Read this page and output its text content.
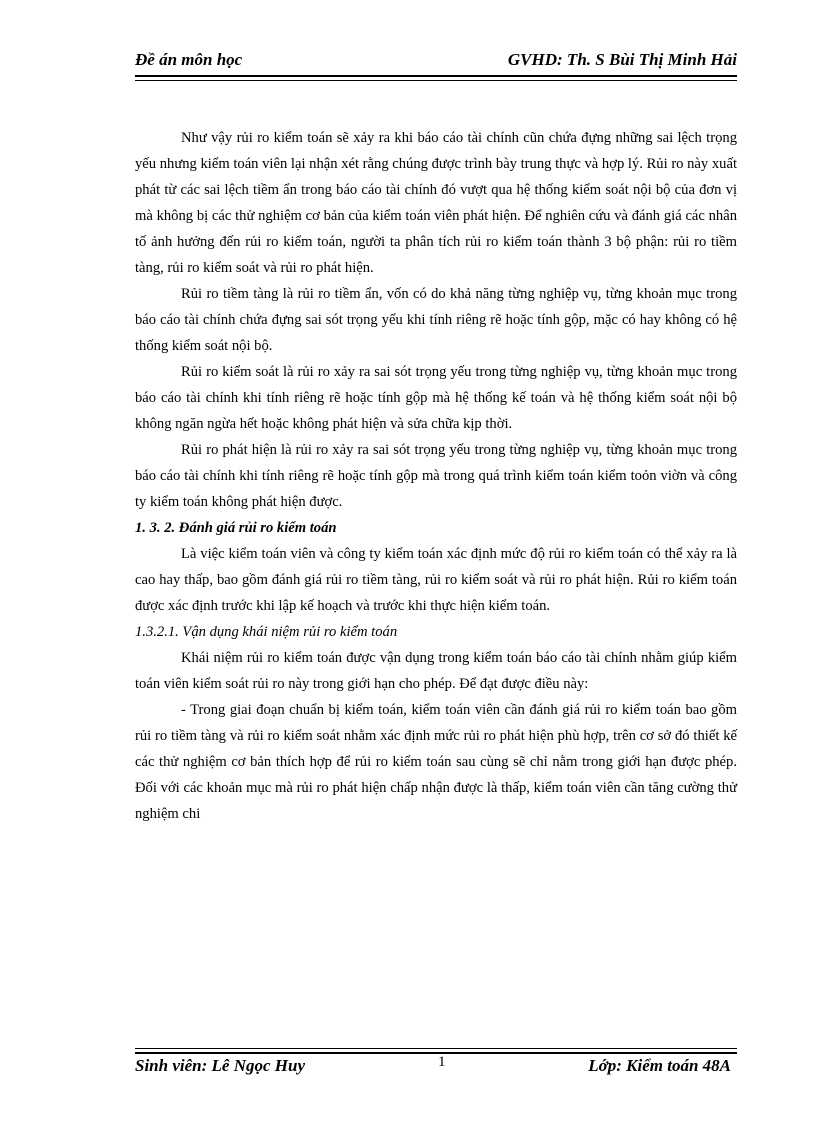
Đề án môn học	GVHD: Th. S Bùi Thị Minh Hải

Như vậy rủi ro kiểm toán sẽ xảy ra khi báo cáo tài chính cũn chứa đựng những sai lệch trọng yếu nhưng kiểm toán viên lại nhận xét rằng chúng được trình bày trung thực và hợp lý. Rủi ro này xuất phát từ các sai lệch tiềm ẩn trong báo cáo tài chính đó vượt qua hệ thống kiểm soát nội bộ của đơn vị mà không bị các thử nghiệm cơ bản của kiểm toán viên phát hiện. Để nghiên cứu và đánh giá các nhân tố ảnh hưởng đến rủi ro kiểm toán, người ta phân tích rủi ro kiểm toán thành 3 bộ phận: rủi ro tiềm tàng, rủi ro kiểm soát và rủi ro phát hiện.

Rủi ro tiềm tàng là rủi ro tiềm ẩn, vốn có do khả năng từng nghiệp vụ, từng khoản mục trong báo cáo tài chính chứa đựng sai sót trọng yếu khi tính riêng rẽ hoặc tính gộp, mặc có hay không có hệ thống kiểm soát nội bộ.

Rủi ro kiểm soát là rủi ro xảy ra sai sót trọng yếu trong từng nghiệp vụ, từng khoản mục trong báo cáo tài chính khi tính riêng rẽ hoặc tính gộp mà hệ thống kế toán và hệ thống kiểm soát nội bộ không ngăn ngừa hết hoặc không phát hiện và sửa chữa kịp thời.

Rủi ro phát hiện là rủi ro xảy ra sai sót trọng yếu trong từng nghiệp vụ, từng khoản mục trong báo cáo tài chính khi tính riêng rẽ hoặc tính gộp mà trong quá trình kiểm toán kiểm toỏn viờn và công ty kiểm toán không phát hiện được.

1. 3. 2. Đánh giá rủi ro kiểm toán

Là việc kiểm toán viên và công ty kiểm toán xác định mức độ rủi ro kiểm toán có thể xảy ra là cao hay thấp, bao gồm đánh giá rủi ro tiềm tàng, rủi ro kiểm soát và rủi ro phát hiện. Rủi ro kiểm toán được xác định trước khi lập kế hoạch và trước khi thực hiện kiểm toán.

1.3.2.1. Vận dụng khái niệm rủi ro kiểm toán

Khái niệm rủi ro kiểm toán được vận dụng trong kiểm toán báo cáo tài chính nhằm giúp kiểm toán viên kiểm soát rủi ro này trong giới hạn cho phép. Để đạt được điều này:

- Trong giai đoạn chuẩn bị kiểm toán, kiểm toán viên cần đánh giá rủi ro kiểm toán bao gồm rủi ro tiềm tàng và rủi ro kiểm soát nhằm xác định mức rủi ro phát hiện phù hợp, trên cơ sở đó thiết kế các thử nghiệm cơ bản thích hợp để rủi ro kiểm toán sau cùng sẽ chỉ nằm trong giới hạn được phép. Đối với các khoản mục mà rủi ro phát hiện chấp nhận được là thấp, kiểm toán viên cần tăng cường thử nghiệm chi

Sinh viên: Lê Ngọc Huy	1	Lớp: Kiểm toán 48A
